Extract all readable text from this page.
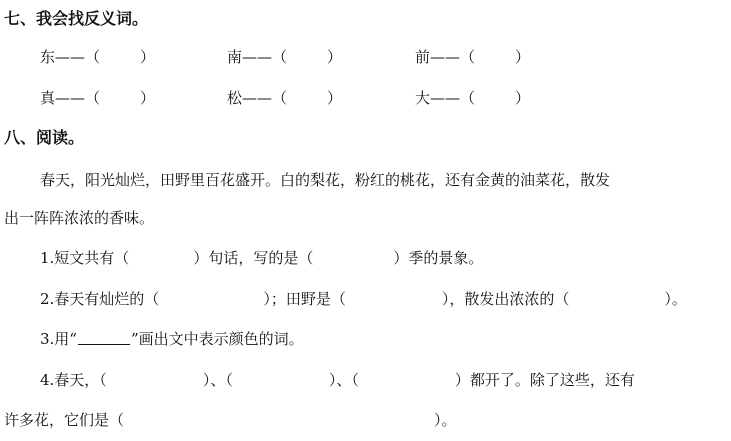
七、我会找反义词。
东——（	）	南——（	）	前——（	）
真——（	）	松——（	）	大——（	）
八、阅读。
春天，阳光灿烂，田野里百花盛开。白的梨花，粉红的桃花，还有金黄的油菜花，散发
出一阵阵浓浓的香味。
1.短文共有（	）句话，写的是（	）季的景象。
2.春天有灿烂的（	）；田野是（	），散发出浓浓的（	）。
3.用“	”画出文中表示颜色的词。
4.春天，（	）、（	）、（	）都开了。除了这些，还有
许多花，它们是（	）。
